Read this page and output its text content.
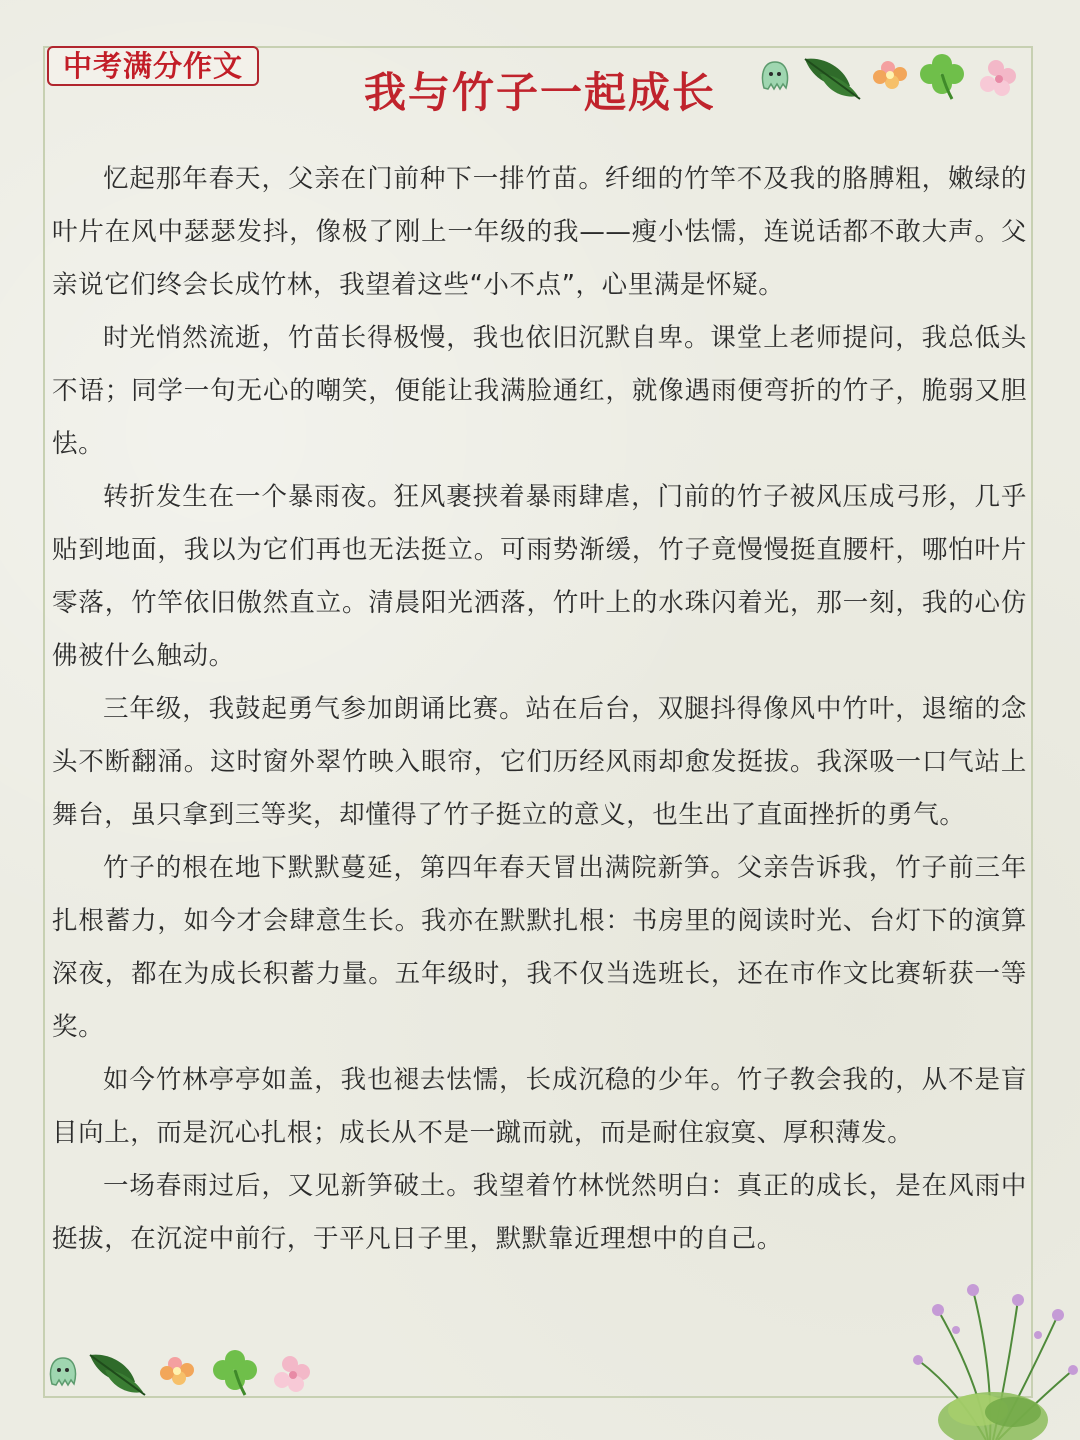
中考满分作文
我与竹子一起成长

忆起那年春天，父亲在门前种下一排竹苗。纤细的竹竿不及我的胳膊粗，嫩绿的叶片在风中瑟瑟发抖，像极了刚上一年级的我——瘦小怯懦，连说话都不敢大声。父亲说它们终会长成竹林，我望着这些“小不点”，心里满是怀疑。

时光悄然流逝，竹苗长得极慢，我也依旧沉默自卑。课堂上老师提问，我总低头不语；同学一句无心的嘲笑，便能让我满脸通红，就像遇雨便弯折的竹子，脆弱又胆怯。

转折发生在一个暴雨夜。狂风裹挟着暴雨肆虐，门前的竹子被风压成弓形，几乎贴到地面，我以为它们再也无法挺立。可雨势渐缓，竹子竟慢慢挺直腰杆，哪怕叶片零落，竹竿依旧傲然直立。清晨阳光洒落，竹叶上的水珠闪着光，那一刻，我的心仿佛被什么触动。

三年级，我鼓起勇气参加朗诵比赛。站在后台，双腿抖得像风中竹叶，退缩的念头不断翻涌。这时窗外翠竹映入眼帘，它们历经风雨却愈发挺拔。我深吸一口气站上舞台，虽只拿到三等奖，却懂得了竹子挺立的意义，也生出了直面挫折的勇气。

竹子的根在地下默默蔓延，第四年春天冒出满院新笋。父亲告诉我，竹子前三年扎根蓄力，如今才会肆意生长。我亦在默默扎根：书房里的阅读时光、台灯下的演算深夜，都在为成长积蓄力量。五年级时，我不仅当选班长，还在市作文比赛斩获一等奖。

如今竹林亭亭如盖，我也褪去怯懦，长成沉稳的少年。竹子教会我的，从不是盲目向上，而是沉心扎根；成长从不是一蹴而就，而是耐住寂寞、厚积薄发。

一场春雨过后，又见新笋破土。我望着竹林恍然明白：真正的成长，是在风雨中挺拔，在沉淀中前行，于平凡日子里，默默靠近理想中的自己。
